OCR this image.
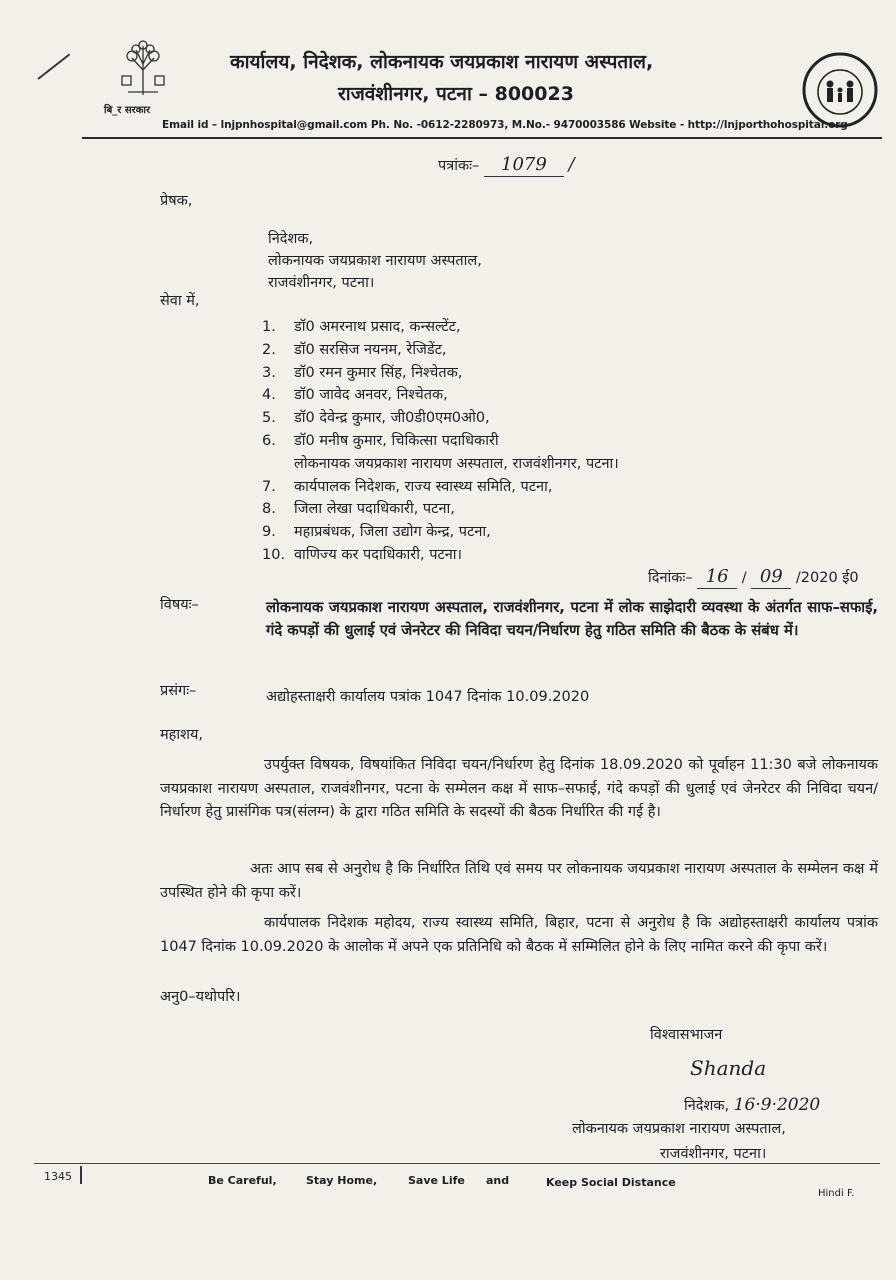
बि_र सरकार
कार्यालय, निदेशक, लोकनायक जयप्रकाश नारायण अस्पताल,
राजवंशीनगर, पटना – 800023
Email id – lnjpnhospital@gmail.com Ph. No. -0612-2280973, M.No.- 9470003586 Website - http://lnjporthohospital.org
पत्रांकः– 1079 /
प्रेषक,
निदेशक,
लोकनायक जयप्रकाश नारायण अस्पताल,
राजवंशीनगर, पटना।
सेवा में,
1. डॉ0 अमरनाथ प्रसाद, कन्सल्टेंट,
2. डॉ0 सरसिज नयनम, रेजिडेंट,
3. डॉ0 रमन कुमार सिंह, निश्चेतक,
4. डॉ0 जावेद अनवर, निश्चेतक,
5. डॉ0 देवेन्द्र कुमार, जी0डी0एम0ओ0,
6. डॉ0 मनीष कुमार, चिकित्सा पदाधिकारी
लोकनायक जयप्रकाश नारायण अस्पताल, राजवंशीनगर, पटना।
7. कार्यपालक निदेशक, राज्य स्वास्थ्य समिति, पटना,
8. जिला लेखा पदाधिकारी, पटना,
9. महाप्रबंधक, जिला उद्योग केन्द्र, पटना,
10. वाणिज्य कर पदाधिकारी, पटना।
दिनांकः– 16 / 09 /2020 ई0
विषयः–	लोकनायक जयप्रकाश नारायण अस्पताल, राजवंशीनगर, पटना में लोक साझेदारी व्यवस्था के अंतर्गत साफ–सफाई, गंदे कपड़ों की धुलाई एवं जेनरेटर की निविदा चयन/निर्धारण हेतु गठित समिति की बैठक के संबंध में।
प्रसंगः–	अद्योहस्ताक्षरी कार्यालय पत्रांक 1047 दिनांक 10.09.2020
महाशय,
उपर्युक्त विषयक, विषयांकित निविदा चयन/निर्धारण हेतु दिनांक 18.09.2020 को पूर्वाहन 11:30 बजे लोकनायक जयप्रकाश नारायण अस्पताल, राजवंशीनगर, पटना के सम्मेलन कक्ष में साफ–सफाई, गंदे कपड़ों की धुलाई एवं जेनरेटर की निविदा चयन/निर्धारण हेतु प्रासंगिक पत्र(संलग्न) के द्वारा गठित समिति के सदस्यों की बैठक निर्धारित की गई है।
अतः आप सब से अनुरोध है कि निर्धारित तिथि एवं समय पर लोकनायक जयप्रकाश नारायण अस्पताल के सम्मेलन कक्ष में उपस्थित होने की कृपा करें।
कार्यपालक निदेशक महोदय, राज्य स्वास्थ्य समिति, बिहार, पटना से अनुरोध है कि अद्योहस्ताक्षरी कार्यालय पत्रांक 1047 दिनांक 10.09.2020 के आलोक में अपने एक प्रतिनिधि को बैठक में सम्मिलित होने के लिए नामित करने की कृपा करें।
अनु0–यथोपरि।
विश्वासभाजन
Shanda
निदेशक, 16·9·2020
लोकनायक जयप्रकाश नारायण अस्पताल,
राजवंशीनगर, पटना।
1345	Be Careful,	Stay Home,	Save Life and	Keep Social Distance
Hindi F.
